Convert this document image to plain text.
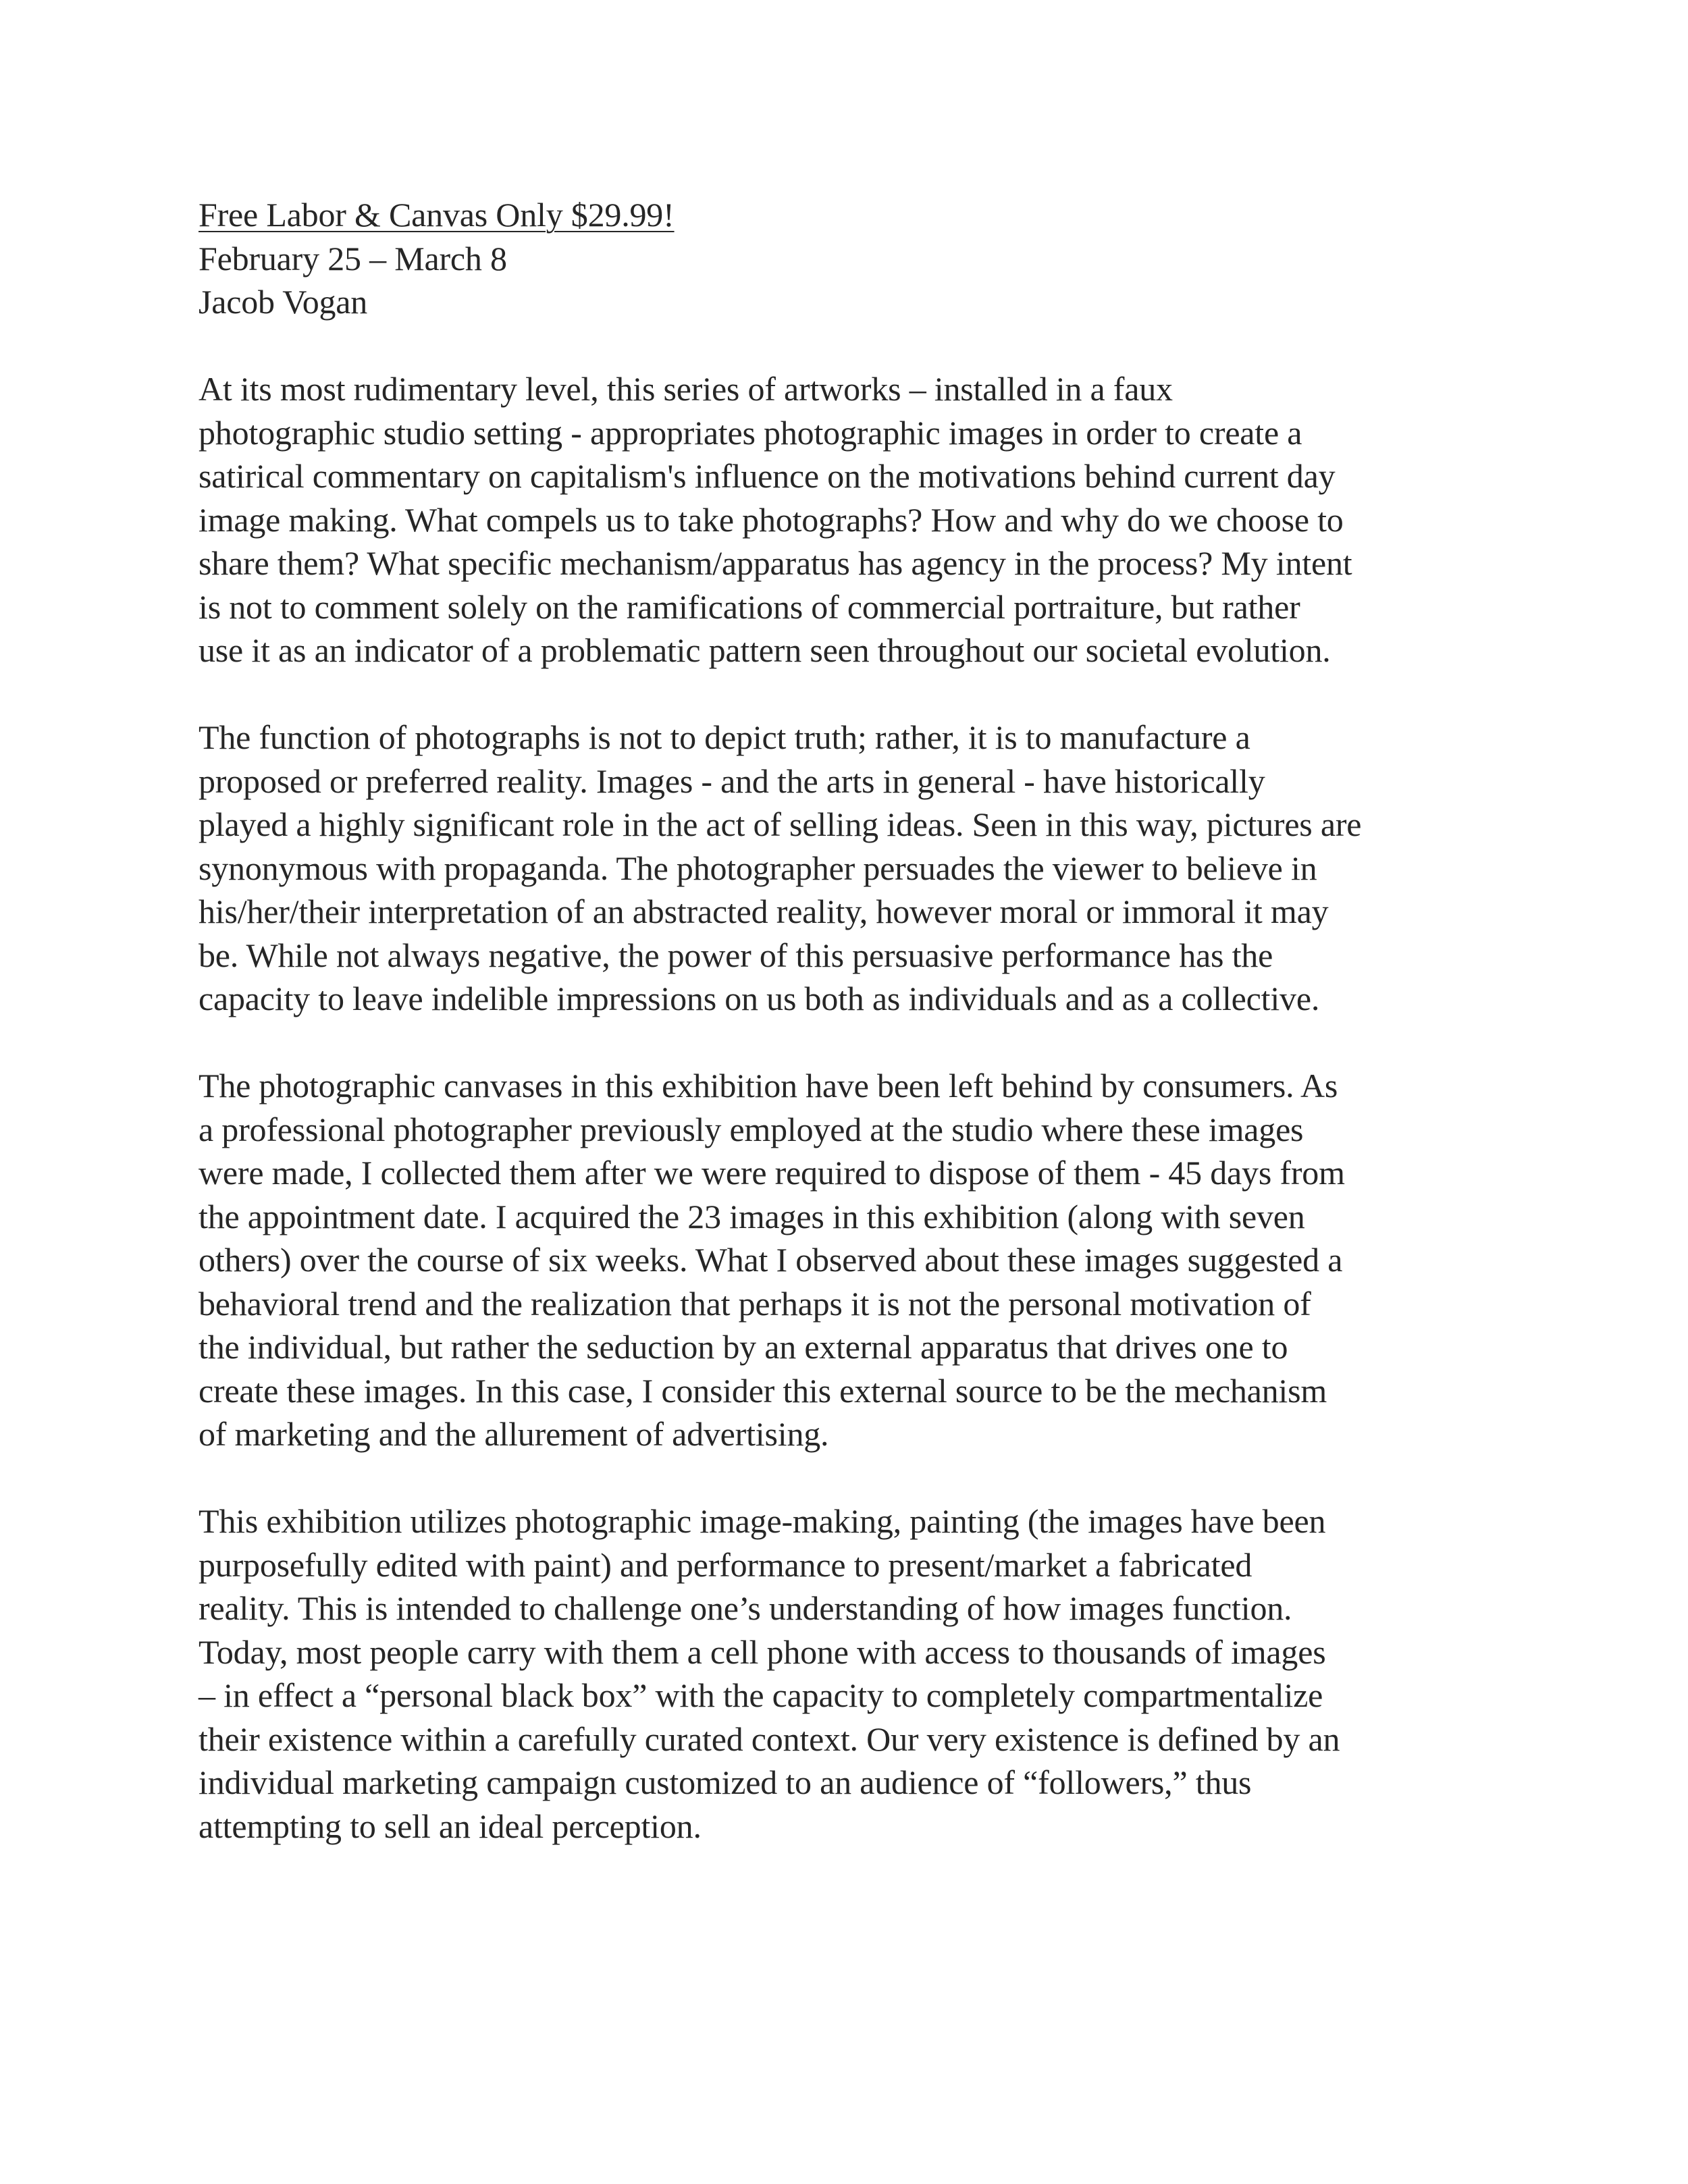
Free Labor & Canvas Only $29.99!
February 25 – March 8
Jacob Vogan

At its most rudimentary level, this series of artworks – installed in a faux
photographic studio setting - appropriates photographic images in order to create a
satirical commentary on capitalism's influence on the motivations behind current day
image making. What compels us to take photographs? How and why do we choose to
share them? What specific mechanism/apparatus has agency in the process? My intent
is not to comment solely on the ramifications of commercial portraiture, but rather
use it as an indicator of a problematic pattern seen throughout our societal evolution.

The function of photographs is not to depict truth; rather, it is to manufacture a
proposed or preferred reality. Images - and the arts in general - have historically
played a highly significant role in the act of selling ideas. Seen in this way, pictures are
synonymous with propaganda. The photographer persuades the viewer to believe in
his/her/their interpretation of an abstracted reality, however moral or immoral it may
be. While not always negative, the power of this persuasive performance has the
capacity to leave indelible impressions on us both as individuals and as a collective.

The photographic canvases in this exhibition have been left behind by consumers. As
a professional photographer previously employed at the studio where these images
were made, I collected them after we were required to dispose of them - 45 days from
the appointment date. I acquired the 23 images in this exhibition (along with seven
others) over the course of six weeks. What I observed about these images suggested a
behavioral trend and the realization that perhaps it is not the personal motivation of
the individual, but rather the seduction by an external apparatus that drives one to
create these images. In this case, I consider this external source to be the mechanism
of marketing and the allurement of advertising.

This exhibition utilizes photographic image-making, painting (the images have been
purposefully edited with paint) and performance to present/market a fabricated
reality. This is intended to challenge one’s understanding of how images function.
Today, most people carry with them a cell phone with access to thousands of images
– in effect a “personal black box” with the capacity to completely compartmentalize
their existence within a carefully curated context. Our very existence is defined by an
individual marketing campaign customized to an audience of “followers,” thus
attempting to sell an ideal perception.
